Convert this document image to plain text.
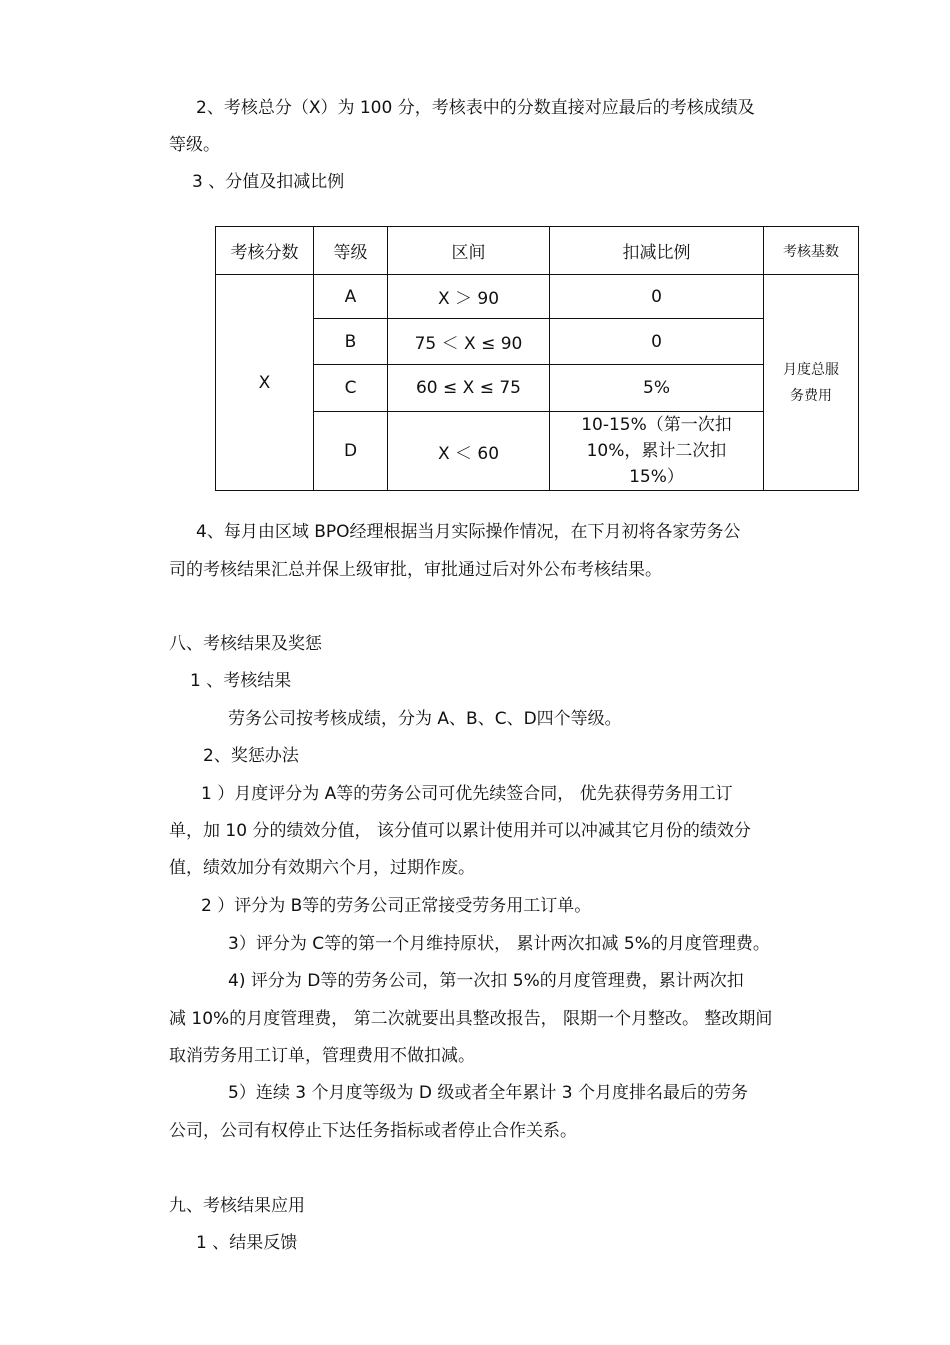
2、考核总分（X）为 100 分，考核表中的分数直接对应最后的考核成绩及
等级。
3 、分值及扣减比例
考核分数	等级	区间	扣减比例	考核基数
X	A	X ＞ 90	0	月度总服务费用
	B	75 ＜ X ≤ 90	0	
	C	60 ≤ X ≤ 75	5%	
	D	X ＜ 60	10-15%（第一次扣 10%，累计二次扣 15%）	
4、每月由区域 BPO经理根据当月实际操作情况，在下月初将各家劳务公
司的考核结果汇总并保上级审批，审批通过后对外公布考核结果。
八、考核结果及奖惩
1 、考核结果
劳务公司按考核成绩，分为 A、B、C、D四个等级。
2、奖惩办法
1 ）月度评分为 A等的劳务公司可优先续签合同， 优先获得劳务用工订
单，加 10 分的绩效分值， 该分值可以累计使用并可以冲减其它月份的绩效分
值，绩效加分有效期六个月，过期作废。
2 ）评分为 B等的劳务公司正常接受劳务用工订单。
3）评分为 C等的第一个月维持原状， 累计两次扣减 5%的月度管理费。
4) 评分为 D等的劳务公司，第一次扣 5%的月度管理费，累计两次扣
减 10%的月度管理费， 第二次就要出具整改报告， 限期一个月整改。 整改期间
取消劳务用工订单，管理费用不做扣减。
5）连续 3 个月度等级为 D 级或者全年累计 3 个月度排名最后的劳务
公司，公司有权停止下达任务指标或者停止合作关系。
九、考核结果应用
1 、结果反馈
